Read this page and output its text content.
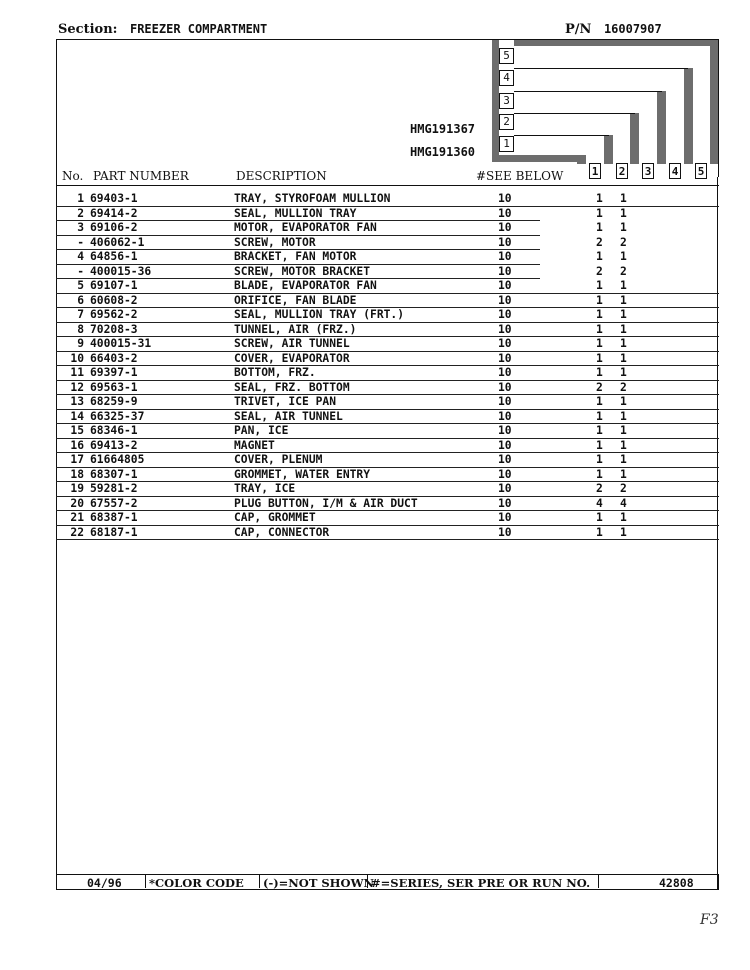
Section: FREEZER COMPARTMENT	P/N 16007907
HMG191367
HMG191360
5
4
3
2
1
No. PART NUMBER	DESCRIPTION	#SEE BELOW	1 2 3 4 5
1 69403-1	TRAY, STYROFOAM MULLION	10	1 1
2 69414-2	SEAL, MULLION TRAY	10	1 1
3 69106-2	MOTOR, EVAPORATOR FAN	10	1 1
- 406062-1	SCREW, MOTOR	10	2 2
4 64856-1	BRACKET, FAN MOTOR	10	1 1
- 400015-36	SCREW, MOTOR BRACKET	10	2 2
5 69107-1	BLADE, EVAPORATOR FAN	10	1 1
6 60608-2	ORIFICE, FAN BLADE	10	1 1
7 69562-2	SEAL, MULLION TRAY (FRT.)	10	1 1
8 70208-3	TUNNEL, AIR (FRZ.)	10	1 1
9 400015-31	SCREW, AIR TUNNEL	10	1 1
10 66403-2	COVER, EVAPORATOR	10	1 1
11 69397-1	BOTTOM, FRZ.	10	1 1
12 69563-1	SEAL, FRZ. BOTTOM	10	2 2
13 68259-9	TRIVET, ICE PAN	10	1 1
14 66325-37	SEAL, AIR TUNNEL	10	1 1
15 68346-1	PAN, ICE	10	1 1
16 69413-2	MAGNET	10	1 1
17 61664805	COVER, PLENUM	10	1 1
18 68307-1	GROMMET, WATER ENTRY	10	1 1
19 59281-2	TRAY, ICE	10	2 2
20 67557-2	PLUG BUTTON, I/M & AIR DUCT	10	4 4
21 68387-1	CAP, GROMMET	10	1 1
22 68187-1	CAP, CONNECTOR	10	1 1
04/96 *COLOR CODE (-)=NOT SHOWN
#=SERIES, SER PRE OR RUN NO.	42808
F3
